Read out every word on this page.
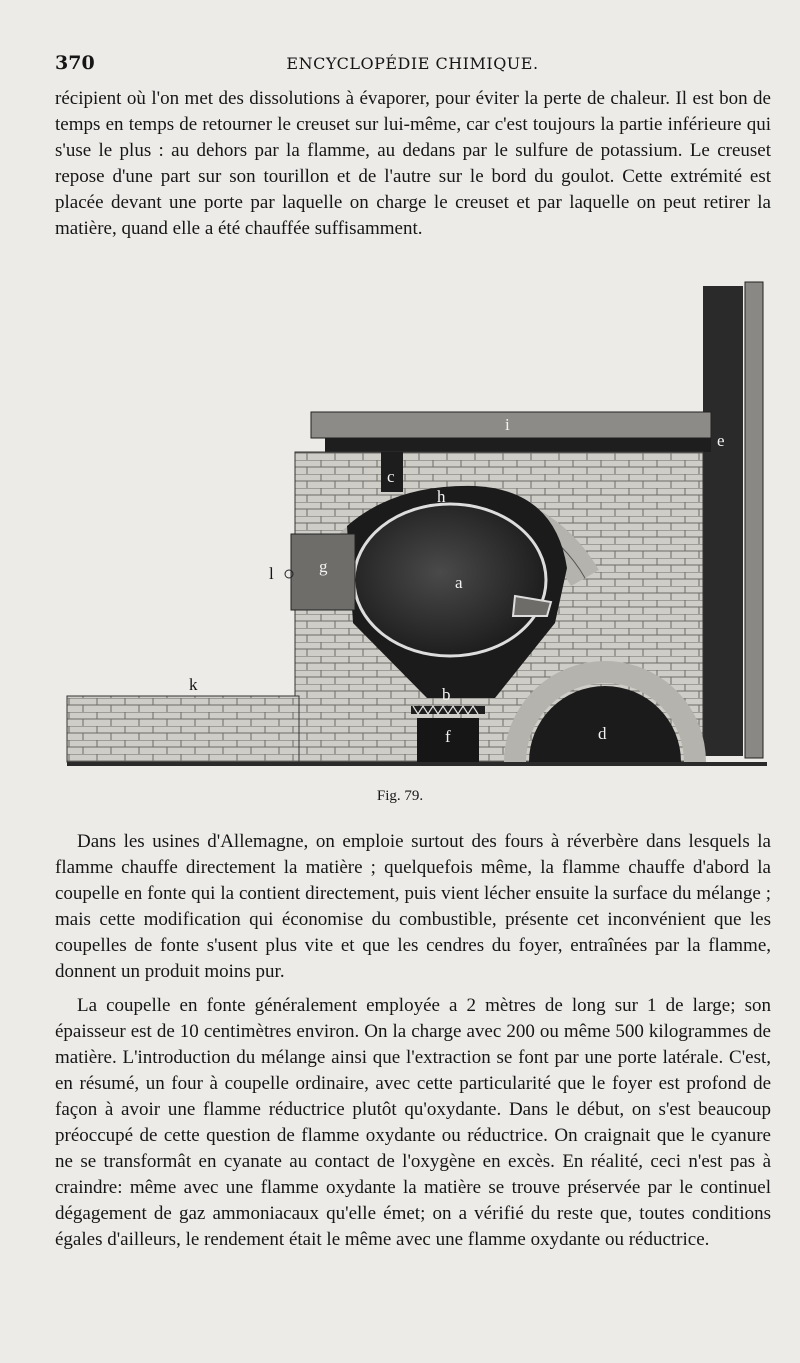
370	ENCYCLOPÉDIE CHIMIQUE.

récipient où l'on met des dissolutions à évaporer, pour éviter la perte de chaleur. Il est bon de temps en temps de retourner le creuset sur lui-même, car c'est toujours la partie inférieure qui s'use le plus : au dehors par la flamme, au dedans par le sulfure de potassium. Le creuset repose d'une part sur son tourillon et de l'autre sur le bord du goulot. Cette extrémité est placée devant une porte par laquelle on charge le creuset et par laquelle on peut retirer la matière, quand elle a été chauffée suffisamment.

i
e
c
h
g
l	a
k
b
f	d
Fig. 79.

Dans les usines d'Allemagne, on emploie surtout des fours à réverbère dans lesquels la flamme chauffe directement la matière ; quelquefois même, la flamme chauffe d'abord la coupelle en fonte qui la contient directement, puis vient lécher ensuite la surface du mélange ; mais cette modification qui économise du combustible, présente cet inconvénient que les coupelles de fonte s'usent plus vite et que les cendres du foyer, entraînées par la flamme, donnent un produit moins pur.

La coupelle en fonte généralement employée a 2 mètres de long sur 1 de large; son épaisseur est de 10 centimètres environ. On la charge avec 200 ou même 500 kilogrammes de matière. L'introduction du mélange ainsi que l'extraction se font par une porte latérale. C'est, en résumé, un four à coupelle ordinaire, avec cette particularité que le foyer est profond de façon à avoir une flamme réductrice plutôt qu'oxydante. Dans le début, on s'est beaucoup préoccupé de cette question de flamme oxydante ou réductrice. On craignait que le cyanure ne se transformât en cyanate au contact de l'oxygène en excès. En réalité, ceci n'est pas à craindre: même avec une flamme oxydante la matière se trouve préservée par le continuel dégagement de gaz ammoniacaux qu'elle émet; on a vérifié du reste que, toutes conditions égales d'ailleurs, le rendement était le même avec une flamme oxydante ou réductrice.
